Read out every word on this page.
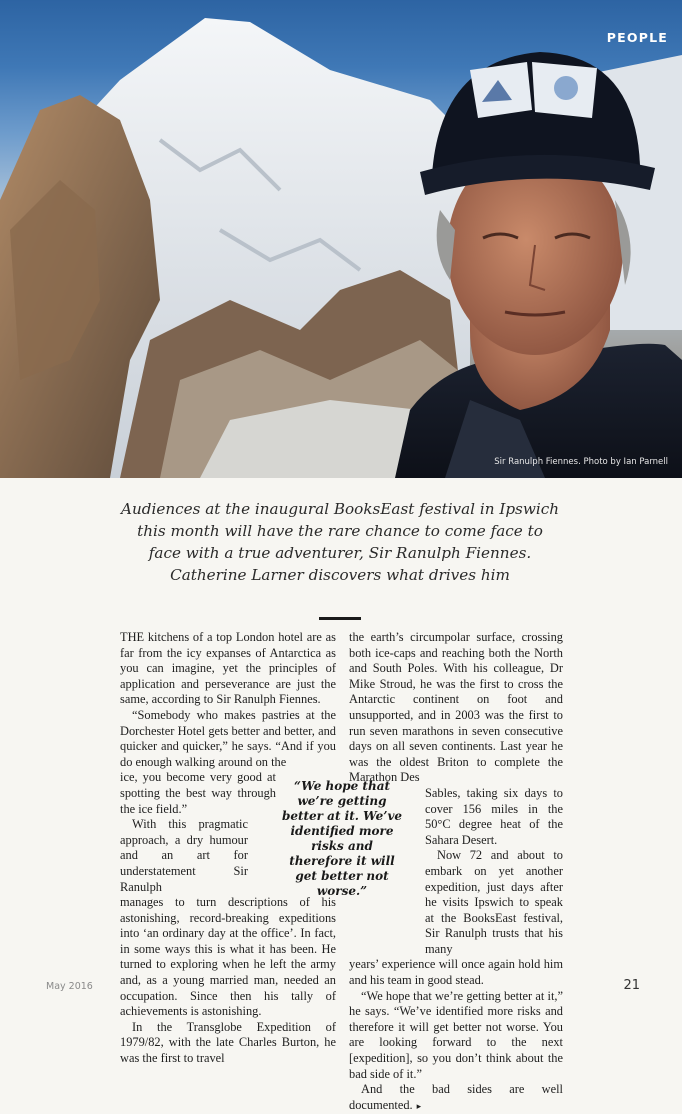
PEOPLE
Sir Ranulph Fiennes. Photo by Ian Parnell
Audiences at the inaugural BooksEast festival in Ipswich this month will have the rare chance to come face to face with a true adventurer, Sir Ranulph Fiennes. Catherine Larner discovers what drives him

THE kitchens of a top London hotel are as far from the icy expanses of Antarctica as you can imagine, yet the principles of application and perseverance are just the same, according to Sir Ranulph Fiennes.

“Somebody who makes pastries at the Dorchester Hotel gets better and better, and quicker and quicker,” he says. “And if you do enough walking around on the

ice, you become very good at spotting the best way through the ice field.”

With this pragmatic approach, a dry humour and an art for understatement Sir Ranulph

manages to turn descriptions of his astonishing, record-breaking expeditions into ‘an ordinary day at the office’. In fact, in some ways this is what it has been. He turned to exploring when he left the army and, as a young married man, needed an occupation. Since then his tally of achievements is astonishing.

In the Transglobe Expedition of 1979/82, with the late Charles Burton, he was the first to travel

the earth’s circumpolar surface, crossing both ice-caps and reaching both the North and South Poles. With his colleague, Dr Mike Stroud, he was the first to cross the Antarctic continent on foot and unsupported, and in 2003 was the first to run seven marathons in seven consecutive days on all seven continents. Last year he was the oldest Briton to complete the Marathon Des

Sables, taking six days to cover 156 miles in the 50°C degree heat of the Sahara Desert.

Now 72 and about to embark on yet another expedition, just days after he visits Ipswich to speak at the BooksEast festival, Sir Ranulph trusts that his many

years’ experience will once again hold him and his team in good stead.

“We hope that we’re getting better at it,” he says. “We’ve identified more risks and therefore it will get better not worse. You are looking forward to the next [expedition], so you don’t think about the bad side of it.”

And the bad sides are well documented. ▸

“We hope that we’re getting better at it. We’ve identified more risks and therefore it will get better not worse.”
May 2016	21
